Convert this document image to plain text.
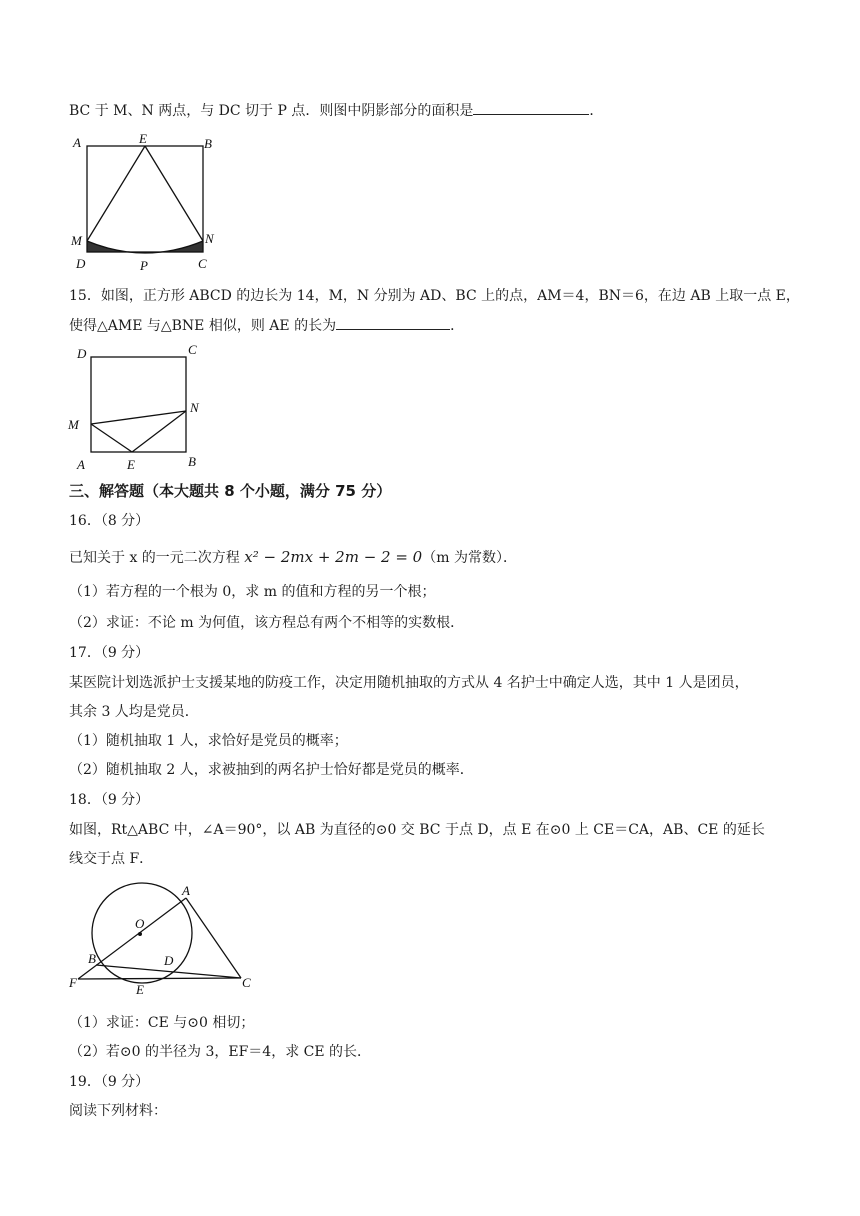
BC 于 M、N 两点，与 DC 切于 P 点．则图中阴影部分的面积是	．
A	E	B
M	N
D	P	C
15．如图，正方形 ABCD 的边长为 14，M，N 分别为 AD、BC 上的点，AM＝4，BN＝6，在边 AB 上取一点 E，
使得△AME 与△BNE 相似，则 AE 的长为	．
D	C
M
N
A	E	B
三、解答题（本大题共 8 个小题，满分 75 分）
16．（8 分）
已知关于 x 的一元二次方程 x² − 2mx + 2m − 2 = 0（m 为常数）．
（1）若方程的一个根为 0，求 m 的值和方程的另一个根；
（2）求证：不论 m 为何值，该方程总有两个不相等的实数根．
17．（9 分）
某医院计划选派护士支援某地的防疫工作，决定用随机抽取的方式从 4 名护士中确定人选，其中 1 人是团员，
其余 3 人均是党员．
（1）随机抽取 1 人，求恰好是党员的概率；
（2）随机抽取 2 人，求被抽到的两名护士恰好都是党员的概率．
18．（9 分）
如图，Rt△ABC 中，∠A＝90°，以 AB 为直径的⊙0 交 BC 于点 D，点 E 在⊙0 上 CE＝CA，AB、CE 的延长
线交于点 F．
A
O
B	D
F	E	C
（1）求证：CE 与⊙0 相切；
（2）若⊙0 的半径为 3，EF＝4，求 CE 的长．
19．（9 分）
阅读下列材料：
